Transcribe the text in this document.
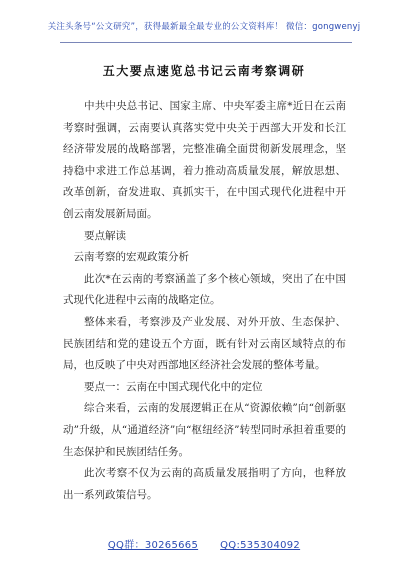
关注头条号“公文研究”，获得最新最全最专业的公文资料库！ 微信：gongwenyj
五大要点速览总书记云南考察调研

中共中央总书记、国家主席、中央军委主席*近日在云南考察时强调，云南要认真落实党中央关于西部大开发和长江经济带发展的战略部署，完整准确全面贯彻新发展理念，坚持稳中求进工作总基调，着力推动高质量发展，解放思想、改革创新，奋发进取、真抓实干，在中国式现代化进程中开创云南发展新局面。

要点解读

云南考察的宏观政策分析

此次*在云南的考察涵盖了多个核心领域，突出了在中国式现代化进程中云南的战略定位。

整体来看，考察涉及产业发展、对外开放、生态保护、民族团结和党的建设五个方面，既有针对云南区域特点的布局，也反映了中央对西部地区经济社会发展的整体考量。

要点一：云南在中国式现代化中的定位

综合来看，云南的发展逻辑正在从“资源依赖”向“创新驱动”升级，从“通道经济”向“枢纽经济”转型同时承担着重要的生态保护和民族团结任务。

此次考察不仅为云南的高质量发展指明了方向，也释放出一系列政策信号。

QQ群：30265665 QQ:535304092
